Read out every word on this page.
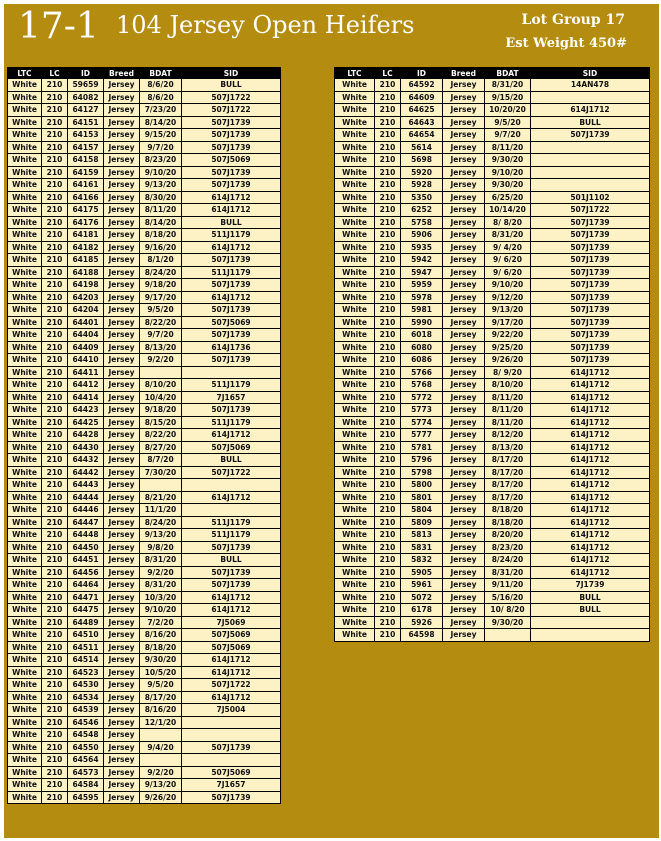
17-1 104 Jersey Open Heifers	Lot Group 17
Est Weight 450#
LTC	LC	ID	Breed	BDAT	SID
White	210	59659	Jersey	8/6/20	BULL
White	210	64082	Jersey	8/6/20	507J1722
White	210	64127	Jersey	7/23/20	507J1722
White	210	64151	Jersey	8/14/20	507J1739
White	210	64153	Jersey	9/15/20	507J1739
White	210	64157	Jersey	9/7/20	507J1739
White	210	64158	Jersey	8/23/20	507J5069
White	210	64159	Jersey	9/10/20	507J1739
White	210	64161	Jersey	9/13/20	507J1739
White	210	64166	Jersey	8/30/20	614J1712
White	210	64175	Jersey	8/11/20	614J1712
White	210	64176	Jersey	8/14/20	BULL
White	210	64181	Jersey	8/18/20	511J1179
White	210	64182	Jersey	9/16/20	614J1712
White	210	64185	Jersey	8/1/20	507J1739
White	210	64188	Jersey	8/24/20	511J1179
White	210	64198	Jersey	9/18/20	507J1739
White	210	64203	Jersey	9/17/20	614J1712
White	210	64204	Jersey	9/5/20	507J1739
White	210	64401	Jersey	8/22/20	507J5069
White	210	64404	Jersey	9/7/20	507J1739
White	210	64409	Jersey	8/13/20	614J1736
White	210	64410	Jersey	9/2/20	507J1739
White	210	64411	Jersey		
White	210	64412	Jersey	8/10/20	511J1179
White	210	64414	Jersey	10/4/20	7J1657
White	210	64423	Jersey	9/18/20	507J1739
White	210	64425	Jersey	8/15/20	511J1179
White	210	64428	Jersey	8/22/20	614J1712
White	210	64430	Jersey	8/27/20	507J5069
White	210	64432	Jersey	8/7/20	BULL
White	210	64442	Jersey	7/30/20	507J1722
White	210	64443	Jersey		
White	210	64444	Jersey	8/21/20	614J1712
White	210	64446	Jersey	11/1/20	
White	210	64447	Jersey	8/24/20	511J1179
White	210	64448	Jersey	9/13/20	511J1179
White	210	64450	Jersey	9/8/20	507J1739
White	210	64451	Jersey	8/31/20	BULL
White	210	64456	Jersey	9/2/20	507J1739
White	210	64464	Jersey	8/31/20	507J1739
White	210	64471	Jersey	10/3/20	614J1712
White	210	64475	Jersey	9/10/20	614J1712
White	210	64489	Jersey	7/2/20	7J5069
White	210	64510	Jersey	8/16/20	507J5069
White	210	64511	Jersey	8/18/20	507J5069
White	210	64514	Jersey	9/30/20	614J1712
White	210	64523	Jersey	10/5/20	614J1712
White	210	64530	Jersey	9/5/20	507J1722
White	210	64534	Jersey	8/17/20	614J1712
White	210	64539	Jersey	8/16/20	7J5004
White	210	64546	Jersey	12/1/20	
White	210	64548	Jersey		
White	210	64550	Jersey	9/4/20	507J1739
White	210	64564	Jersey		
White	210	64573	Jersey	9/2/20	507J5069
White	210	64584	Jersey	9/13/20	7J1657
White	210	64595	Jersey	9/26/20	507J1739
LTC	LC	ID	Breed	BDAT	SID
White	210	64592	Jersey	8/31/20	14AN478
White	210	64609	Jersey	9/15/20	
White	210	64625	Jersey	10/20/20	614J1712
White	210	64643	Jersey	9/5/20	BULL
White	210	64654	Jersey	9/7/20	507J1739
White	210	5614	Jersey	8/11/20	
White	210	5698	Jersey	9/30/20	
White	210	5920	Jersey	9/10/20	
White	210	5928	Jersey	9/30/20	
White	210	5350	Jersey	6/25/20	501J1102
White	210	6252	Jersey	10/14/20	507J1722
White	210	5758	Jersey	8/ 8/20	507J1739
White	210	5906	Jersey	8/31/20	507J1739
White	210	5935	Jersey	9/ 4/20	507J1739
White	210	5942	Jersey	9/ 6/20	507J1739
White	210	5947	Jersey	9/ 6/20	507J1739
White	210	5959	Jersey	9/10/20	507J1739
White	210	5978	Jersey	9/12/20	507J1739
White	210	5981	Jersey	9/13/20	507J1739
White	210	5990	Jersey	9/17/20	507J1739
White	210	6018	Jersey	9/22/20	507J1739
White	210	6080	Jersey	9/25/20	507J1739
White	210	6086	Jersey	9/26/20	507J1739
White	210	5766	Jersey	8/ 9/20	614J1712
White	210	5768	Jersey	8/10/20	614J1712
White	210	5772	Jersey	8/11/20	614J1712
White	210	5773	Jersey	8/11/20	614J1712
White	210	5774	Jersey	8/11/20	614J1712
White	210	5777	Jersey	8/12/20	614J1712
White	210	5781	Jersey	8/13/20	614J1712
White	210	5796	Jersey	8/17/20	614J1712
White	210	5798	Jersey	8/17/20	614J1712
White	210	5800	Jersey	8/17/20	614J1712
White	210	5801	Jersey	8/17/20	614J1712
White	210	5804	Jersey	8/18/20	614J1712
White	210	5809	Jersey	8/18/20	614J1712
White	210	5813	Jersey	8/20/20	614J1712
White	210	5831	Jersey	8/23/20	614J1712
White	210	5832	Jersey	8/24/20	614J1712
White	210	5905	Jersey	8/31/20	614J1712
White	210	5961	Jersey	9/11/20	7J1739
White	210	5072	Jersey	5/16/20	BULL
White	210	6178	Jersey	10/ 8/20	BULL
White	210	5926	Jersey	9/30/20	
White	210	64598	Jersey		
